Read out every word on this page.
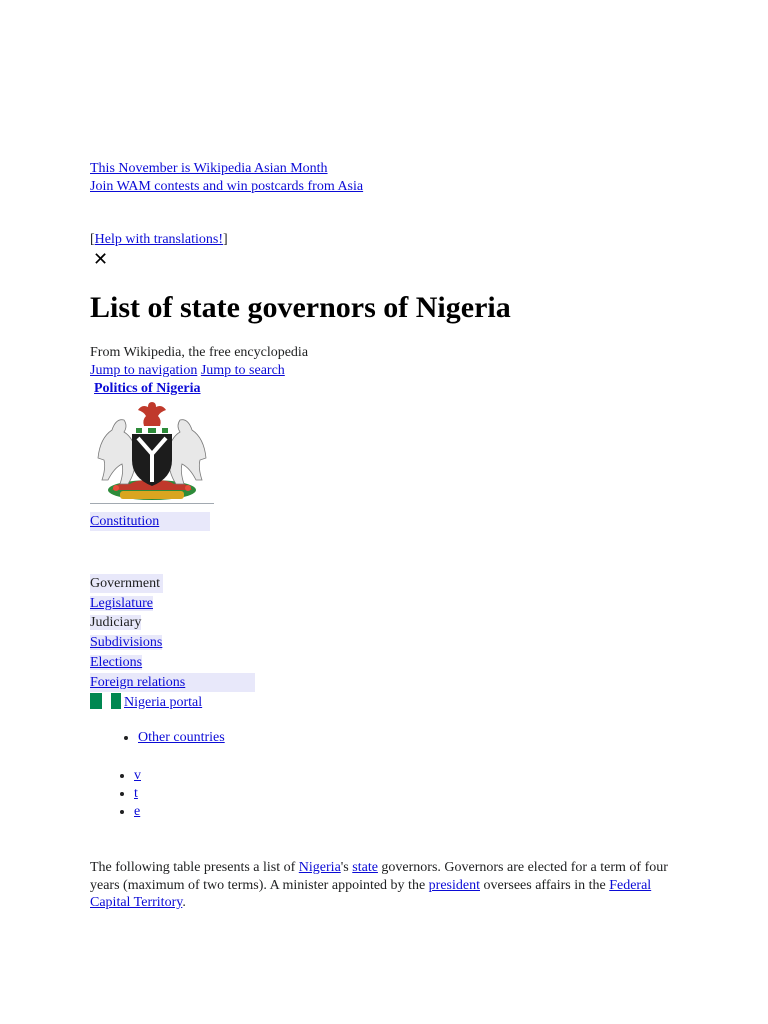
This November is Wikipedia Asian Month
Join WAM contests and win postcards from Asia
[Help with translations!]
✕
List of state governors of Nigeria
From Wikipedia, the free encyclopedia
Jump to navigation Jump to search
Politics of Nigeria
Constitution
Government
Legislature
Judiciary
Subdivisions
Elections
Foreign relations
Nigeria portal
• Other countries
• v
• t
• e

The following table presents a list of Nigeria's state governors. Governors are elected for a term of four years (maximum of two terms). A minister appointed by the president oversees affairs in the Federal Capital Territory.
